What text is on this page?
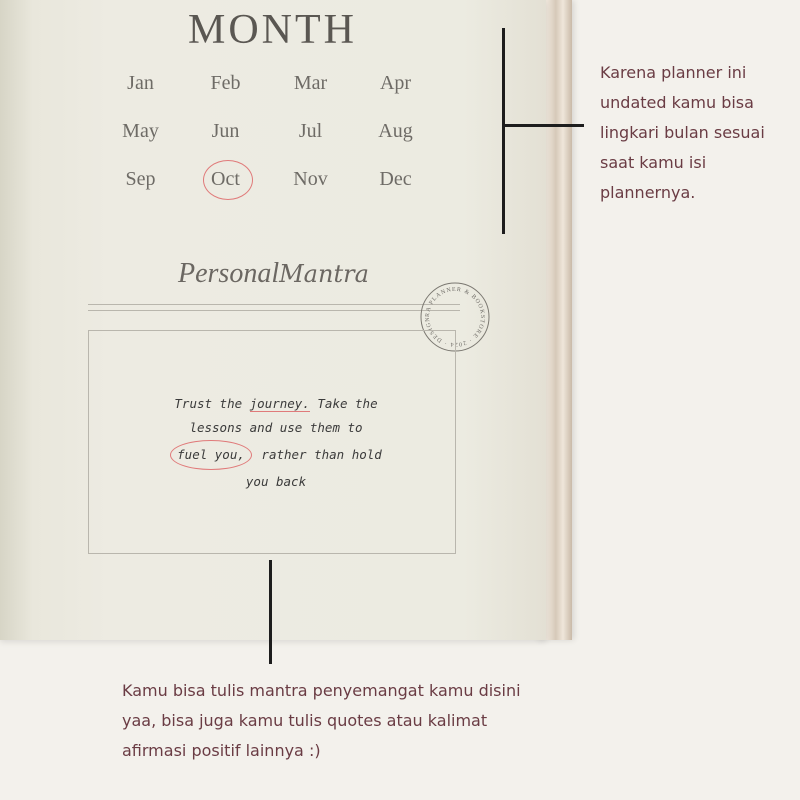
MONTH
Jan	Feb	Mar	Apr
May	Jun	Jul	Aug
Sep	Oct	Nov	Dec
PersonalMantra
RA PLANNER & BOOKSTORE · 2024 · DESIGN
Trust the journey. Take the
lessons and use them to
fuel you, rather than hold
you back
Karena planner ini
undated kamu bisa
lingkari bulan sesuai
saat kamu isi
plannernya.
Kamu bisa tulis mantra penyemangat kamu disini
yaa, bisa juga kamu tulis quotes atau kalimat
afirmasi positif lainnya :)
